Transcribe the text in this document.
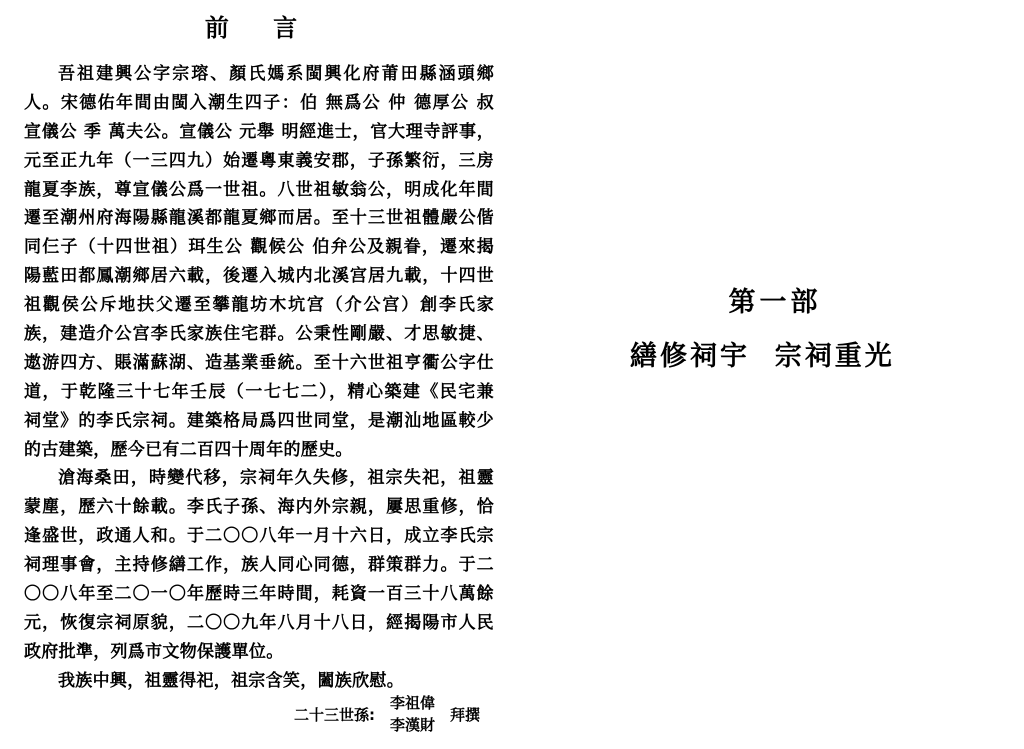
前 言
吾祖建興公字宗瑢、顏氏媽系閩興化府莆田縣涵頭鄉
人。宋德佑年間由閩入潮生四子：伯 無爲公 仲 德厚公 叔
宣儀公 季 萬夫公。宣儀公 元舉 明經進士，官大理寺評事，
元至正九年（一三四九）始遷粵東義安郡，子孫繁衍，三房
龍夏李族，尊宣儀公爲一世祖。八世祖敏翁公，明成化年間
遷至潮州府海陽縣龍溪都龍夏鄉而居。至十三世祖體嚴公偕
同仨子（十四世祖）珥生公 觀候公 伯弁公及親眷，遷來揭
陽藍田都鳳潮鄉居六載，後遷入城内北溪宫居九載，十四世
祖觀侯公斥地扶父遷至攀龍坊木坑宫（介公宫）創李氏家
族，建造介公宫李氏家族住宅群。公秉性剛嚴、才思敏捷、
遨游四方、賬滿蘇湖、造基業垂統。至十六世祖亨衢公字仕
道，于乾隆三十七年壬辰（一七七二），精心築建《民宅兼
祠堂》的李氏宗祠。建築格局爲四世同堂，是潮汕地區較少
的古建築，歷今已有二百四十周年的歷史。
滄海桑田，時變代移，宗祠年久失修，祖宗失祀，祖靈
蒙塵，歷六十餘載。李氏子孫、海内外宗親，屢思重修，恰
逢盛世，政通人和。于二〇〇八年一月十六日，成立李氏宗
祠理事會，主持修繕工作，族人同心同德，群策群力。于二
〇〇八年至二〇一〇年歷時三年時間，耗資一百三十八萬餘
元，恢復宗祠原貌，二〇〇九年八月十八日，經揭陽市人民
政府批準，列爲市文物保護單位。
我族中興，祖靈得祀，祖宗含笑，闔族欣慰。
二十三世孫:
李祖偉
李漢財
拜撰
第一部
繕修祠宇  宗祠重光
